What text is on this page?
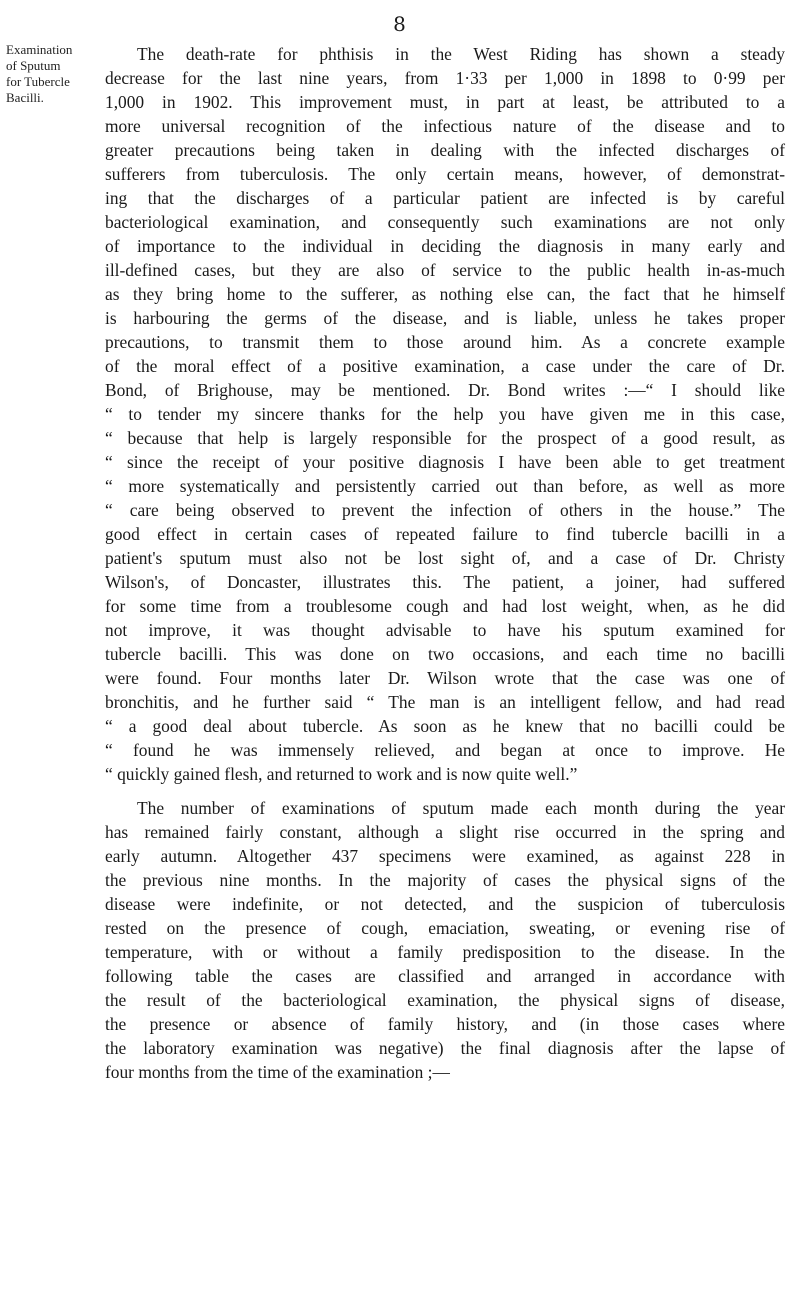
8
Examination
of Sputum
for Tubercle
Bacilli.
The death-rate for phthisis in the West Riding has shown a steady
decrease for the last nine years, from 1·33 per 1,000 in 1898 to 0·99 per
1,000 in 1902. This improvement must, in part at least, be attributed to a
more universal recognition of the infectious nature of the disease and to
greater precautions being taken in dealing with the infected discharges of
sufferers from tuberculosis. The only certain means, however, of demonstrat-
ing that the discharges of a particular patient are infected is by careful
bacteriological examination, and consequently such examinations are not only
of importance to the individual in deciding the diagnosis in many early and
ill-defined cases, but they are also of service to the public health in-as-much
as they bring home to the sufferer, as nothing else can, the fact that he himself
is harbouring the germs of the disease, and is liable, unless he takes proper
precautions, to transmit them to those around him. As a concrete example
of the moral effect of a positive examination, a case under the care of Dr.
Bond, of Brighouse, may be mentioned. Dr. Bond writes :—“ I should like
“ to tender my sincere thanks for the help you have given me in this case,
“ because that help is largely responsible for the prospect of a good result, as
“ since the receipt of your positive diagnosis I have been able to get treatment
“ more systematically and persistently carried out than before, as well as more
“ care being observed to prevent the infection of others in the house.” The
good effect in certain cases of repeated failure to find tubercle bacilli in a
patient's sputum must also not be lost sight of, and a case of Dr. Christy
Wilson's, of Doncaster, illustrates this. The patient, a joiner, had suffered
for some time from a troublesome cough and had lost weight, when, as he did
not improve, it was thought advisable to have his sputum examined for
tubercle bacilli. This was done on two occasions, and each time no bacilli
were found. Four months later Dr. Wilson wrote that the case was one of
bronchitis, and he further said “ The man is an intelligent fellow, and had read
“ a good deal about tubercle. As soon as he knew that no bacilli could be
“ found he was immensely relieved, and began at once to improve. He
“ quickly gained flesh, and returned to work and is now quite well.”
The number of examinations of sputum made each month during the year
has remained fairly constant, although a slight rise occurred in the spring and
early autumn. Altogether 437 specimens were examined, as against 228 in
the previous nine months. In the majority of cases the physical signs of the
disease were indefinite, or not detected, and the suspicion of tuberculosis
rested on the presence of cough, emaciation, sweating, or evening rise of
temperature, with or without a family predisposition to the disease. In the
following table the cases are classified and arranged in accordance with
the result of the bacteriological examination, the physical signs of disease,
the presence or absence of family history, and (in those cases where
the laboratory examination was negative) the final diagnosis after the lapse of
four months from the time of the examination ;—
